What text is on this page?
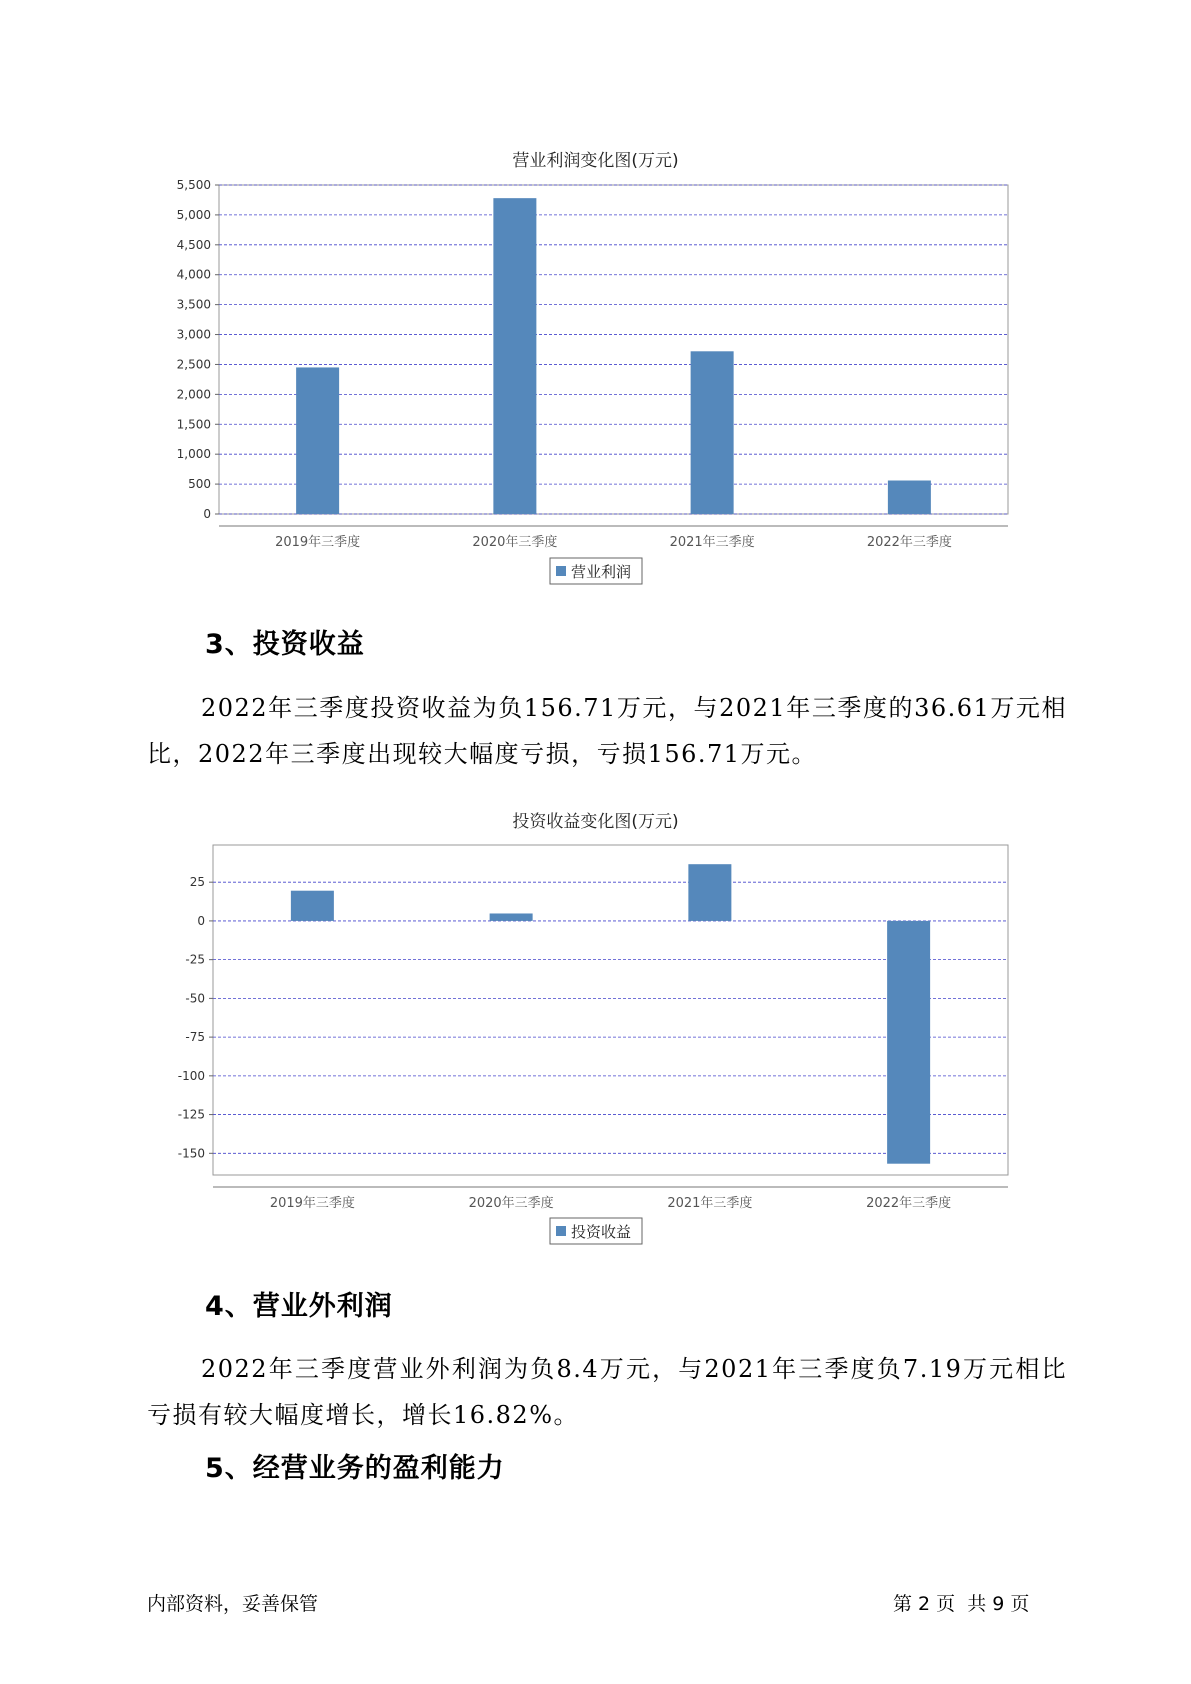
营业利润变化图(万元)
0
500
1,000
1,500
2,000
2,500
3,000
3,500
4,000
4,500
5,000
5,500
2019年三季度	2020年三季度	2021年三季度	2022年三季度
营业利润
3、投资收益
2022年三季度投资收益为负156.71万元，与2021年三季度的36.61万元相比，2022年三季度出现较大幅度亏损，亏损156.71万元。
投资收益变化图(万元)
25
0
-25
-50
-75
-100
-125
-150
2019年三季度	2020年三季度	2021年三季度	2022年三季度
投资收益
4、营业外利润
2022年三季度营业外利润为负8.4万元，与2021年三季度负7.19万元相比亏损有较大幅度增长，增长16.82%。
5、经营业务的盈利能力
内部资料，妥善保管	第 2 页  共 9 页
